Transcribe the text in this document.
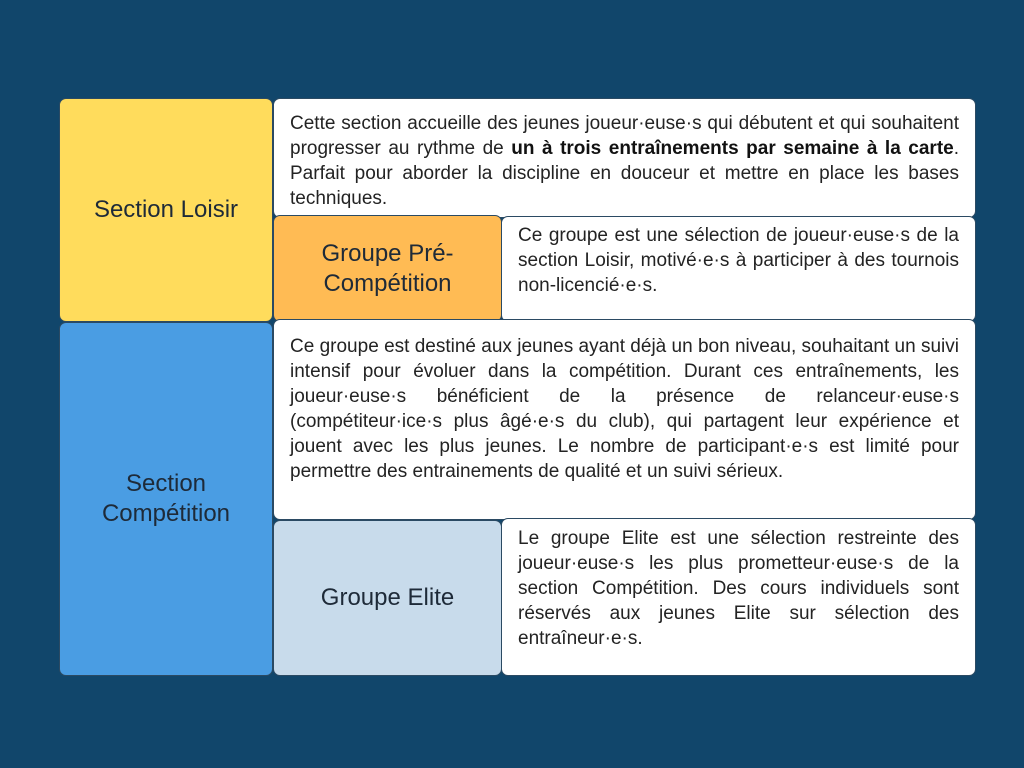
Section Loisir
Cette section accueille des jeunes joueur·euse·s qui débutent et qui souhaitent progresser au rythme de un à trois entraînements par semaine à la carte. Parfait pour aborder la discipline en douceur et mettre en place les bases techniques.
Ce groupe est une sélection de joueur·euse·s de la section Loisir, motivé·e·s à participer à des tournois non-licencié·e·s.
Groupe Pré-Compétition
Section Compétition
Ce groupe est destiné aux jeunes ayant déjà un bon niveau, souhaitant un suivi intensif pour évoluer dans la compétition. Durant ces entraînements, les joueur·euse·s bénéficient de la présence de relanceur·euse·s (compétiteur·ice·s plus âgé·e·s du club), qui partagent leur expérience et jouent avec les plus jeunes. Le nombre de participant·e·s est limité pour permettre des entrainements de qualité et un suivi sérieux.
Le groupe Elite est une sélection restreinte des joueur·euse·s les plus prometteur·euse·s de la section Compétition. Des cours individuels sont réservés aux jeunes Elite sur sélection des entraîneur·e·s.
Groupe Elite
